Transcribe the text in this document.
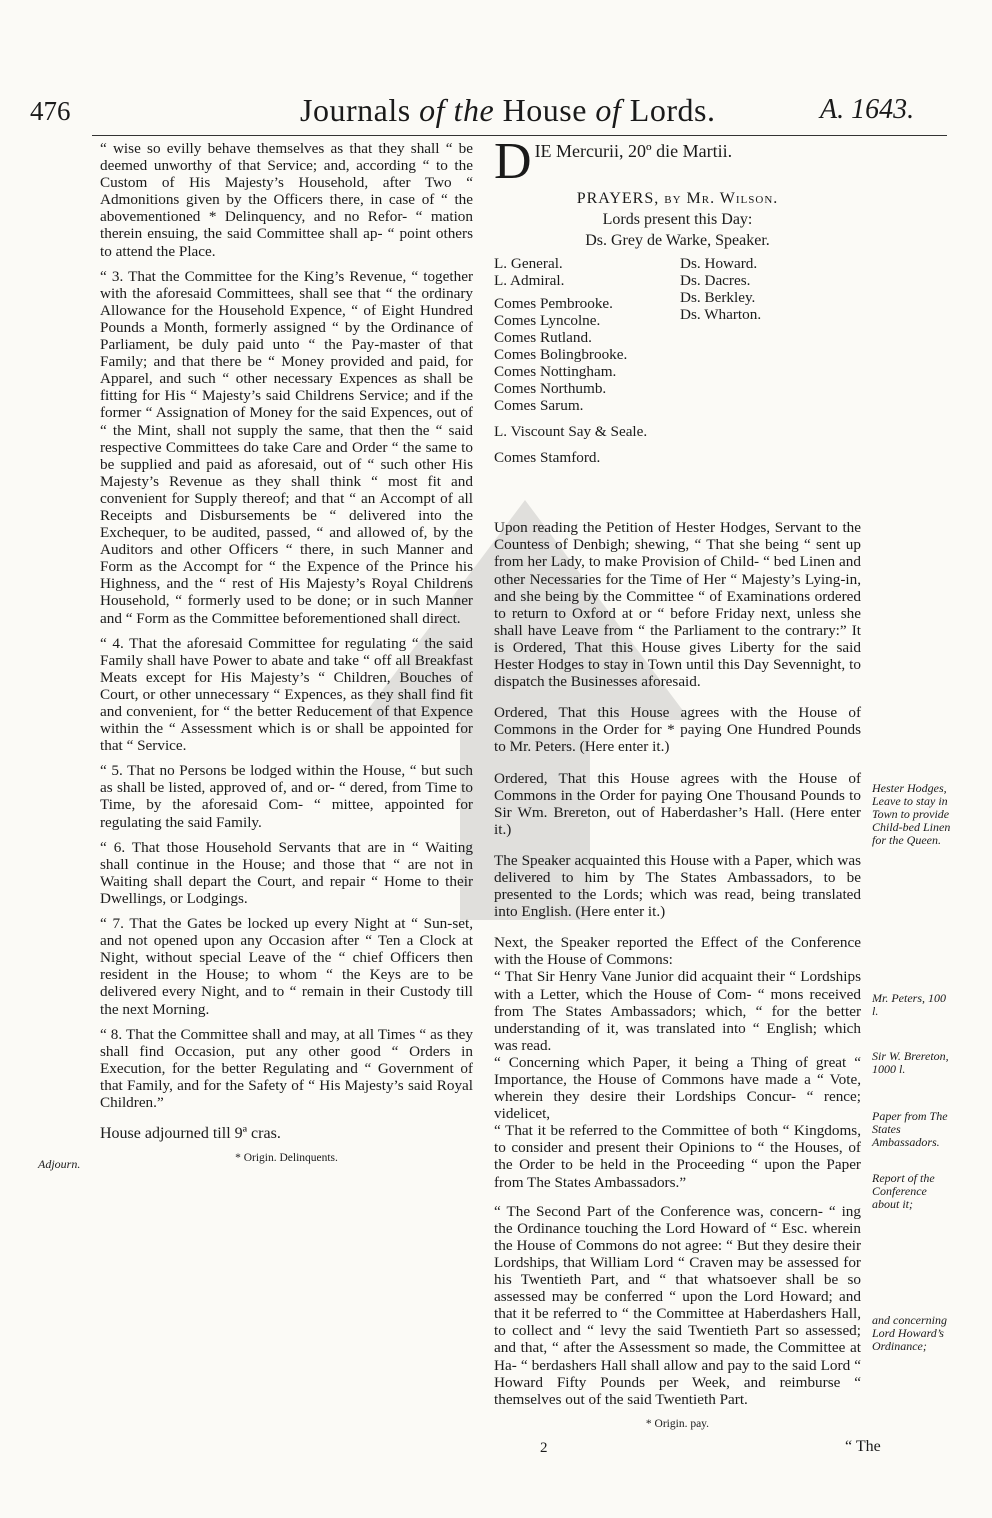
476	Journals of the House of Lords.	A. 1643.

“ wise so evilly behave themselves as that they shall “ be deemed unworthy of that Service; and, according “ to the Custom of His Majesty’s Household, after Two “ Admonitions given by the Officers there, in case of “ the abovementioned * Delinquency, and no Refor- “ mation therein ensuing, the said Committee shall ap- “ point others to attend the Place.

“ 3. That the Committee for the King’s Revenue, “ together with the aforesaid Committees, shall see that “ the ordinary Allowance for the Household Expence, “ of Eight Hundred Pounds a Month, formerly assigned “ by the Ordinance of Parliament, be duly paid unto “ the Pay-master of that Family; and that there be “ Money provided and paid, for Apparel, and such “ other necessary Expences as shall be fitting for His “ Majesty’s said Childrens Service; and if the former “ Assignation of Money for the said Expences, out of “ the Mint, shall not supply the same, that then the “ said respective Committees do take Care and Order “ the same to be supplied and paid as aforesaid, out of “ such other His Majesty’s Revenue as they shall think “ most fit and convenient for Supply thereof; and that “ an Accompt of all Receipts and Disbursements be “ delivered into the Exchequer, to be audited, passed, “ and allowed of, by the Auditors and other Officers “ there, in such Manner and Form as the Accompt for “ the Expence of the Prince his Highness, and the “ rest of His Majesty’s Royal Childrens Household, “ formerly used to be done; or in such Manner and “ Form as the Committee beforementioned shall direct.

“ 4. That the aforesaid Committee for regulating “ the said Family shall have Power to abate and take “ off all Breakfast Meats except for His Majesty’s “ Children, Bouches of Court, or other unnecessary “ Expences, as they shall find fit and convenient, for “ the better Reducement of that Expence within the “ Assessment which is or shall be appointed for that “ Service.

“ 5. That no Persons be lodged within the House, “ but such as shall be listed, approved of, and or- “ dered, from Time to Time, by the aforesaid Com- “ mittee, appointed for regulating the said Family.

“ 6. That those Household Servants that are in “ Waiting shall continue in the House; and those that “ are not in Waiting shall depart the Court, and repair “ Home to their Dwellings, or Lodgings.

“ 7. That the Gates be locked up every Night at “ Sun-set, and not opened upon any Occasion after “ Ten a Clock at Night, without special Leave of the “ chief Officers then resident in the House; to whom “ the Keys are to be delivered every Night, and to “ remain in their Custody till the next Morning.

“ 8. That the Committee shall and may, at all Times “ as they shall find Occasion, put any other good “ Orders in Execution, for the better Regulating and “ Government of that Family, and for the Safety of “ His Majesty’s said Royal Children.”

House adjourned till 9ª cras.

* Origin. Delinquents.
Adjourn.
D IE Mercurii, 20º die Martii.
PRAYERS, by Mr. Wilson.
Lords present this Day:
Ds. Grey de Warke, Speaker.
L. General.
L. Admiral.
Comes Pembrooke.
Comes Lyncolne.
Comes Rutland.
Comes Bolingbrooke.
Comes Nottingham.
Comes Northumb.
Comes Sarum.
L. Viscount Say & Seale.
Comes Stamford.
Ds. Howard.
Ds. Dacres.
Ds. Berkley.
Ds. Wharton.

Upon reading the Petition of Hester Hodges, Servant to the Countess of Denbigh; shewing, “ That she being “ sent up from her Lady, to make Provision of Child- “ bed Linen and other Necessaries for the Time of Her “ Majesty’s Lying-in, and she being by the Committee “ of Examinations ordered to return to Oxford at or “ before Friday next, unless she shall have Leave from “ the Parliament to the contrary:” It is Ordered, That this House gives Liberty for the said Hester Hodges to stay in Town until this Day Sevennight, to dispatch the Businesses aforesaid.

Ordered, That this House agrees with the House of Commons in the Order for * paying One Hundred Pounds to Mr. Peters. (Here enter it.)

Ordered, That this House agrees with the House of Commons in the Order for paying One Thousand Pounds to Sir Wm. Brereton, out of Haberdasher’s Hall. (Here enter it.)

The Speaker acquainted this House with a Paper, which was delivered to him by The States Ambassadors, to be presented to the Lords; which was read, being translated into English. (Here enter it.)

Next, the Speaker reported the Effect of the Conference with the House of Commons:

“ That Sir Henry Vane Junior did acquaint their “ Lordships with a Letter, which the House of Com- “ mons received from The States Ambassadors; which, “ for the better understanding of it, was translated into “ English; which was read.

“ Concerning which Paper, it being a Thing of great “ Importance, the House of Commons have made a “ Vote, wherein they desire their Lordships Concur- “ rence; videlicet,

“ That it be referred to the Committee of both “ Kingdoms, to consider and present their Opinions to “ the Houses, of the Order to be held in the Proceeding “ upon the Paper from The States Ambassadors.”

“ The Second Part of the Conference was, concern- “ ing the Ordinance touching the Lord Howard of “ Esc. wherein the House of Commons do not agree: “ But they desire their Lordships, that William Lord “ Craven may be assessed for his Twentieth Part, and “ that whatsoever shall be so assessed may be conferred “ upon the Lord Howard; and that it be referred to “ the Committee at Haberdashers Hall, to collect and “ levy the said Twentieth Part so assessed; and that, “ after the Assessment so made, the Committee at Ha- “ berdashers Hall shall allow and pay to the said Lord “ Howard Fifty Pounds per Week, and reimburse “ themselves out of the said Twentieth Part.

* Origin. pay.
Hester Hodges, Leave to stay in Town to provide Child-bed Linen for the Queen.
Mr. Peters, 100 l.
Sir W. Brereton, 1000 l.
Paper from The States Ambassadors.
Report of the Conference about it;
and concerning Lord Howard’s Ordinance;
2	“ The
